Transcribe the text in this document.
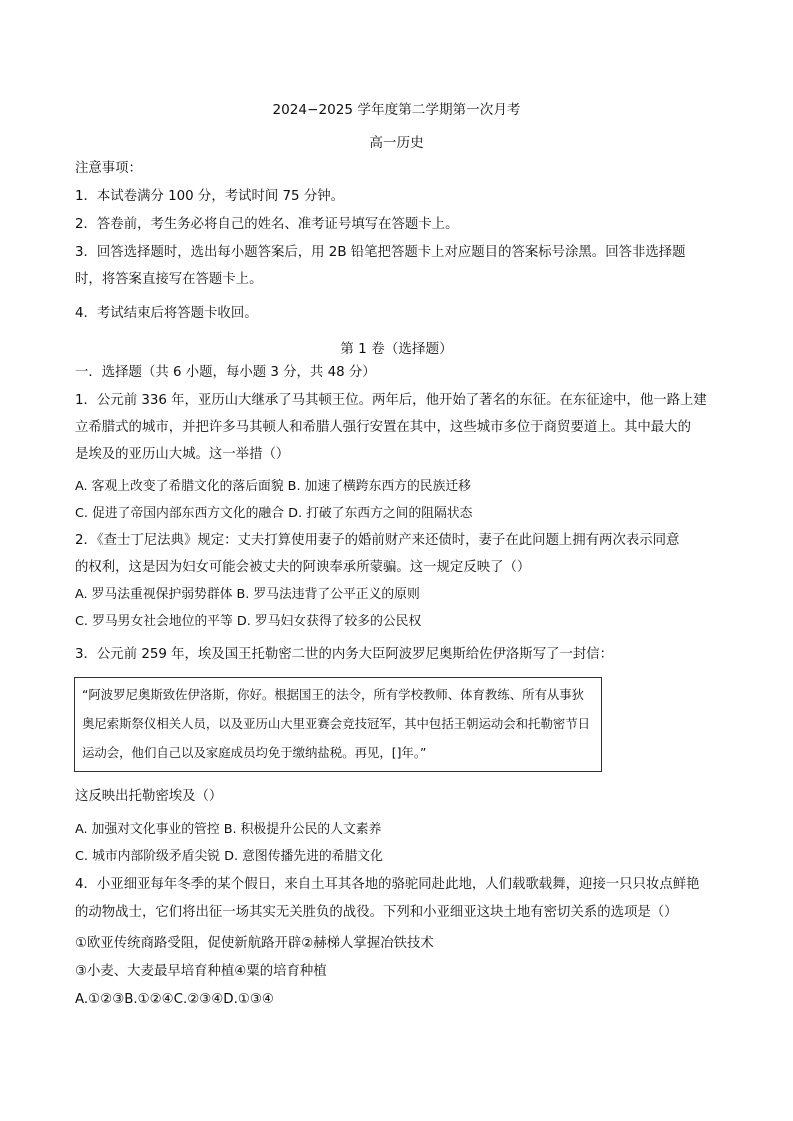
2024−2025 学年度第二学期第一次月考
高一历史
注意事项：
1．本试卷满分 100 分，考试时间 75 分钟。
2．答卷前，考生务必将自己的姓名、准考证号填写在答题卡上。
3．回答选择题时，选出每小题答案后，用 2B 铅笔把答题卡上对应题目的答案标号涂黑。回答非选择题
时，将答案直接写在答题卡上。
4．考试结束后将答题卡收回。
第 1 卷（选择题）
一．选择题（共 6 小题，每小题 3 分，共 48 分）
1．公元前 336 年，亚历山大继承了马其顿王位。两年后，他开始了著名的东征。在东征途中，他一路上建
立希腊式的城市，并把许多马其顿人和希腊人强行安置在其中，这些城市多位于商贸要道上。其中最大的
是埃及的亚历山大城。这一举措（）
A. 客观上改变了希腊文化的落后面貌 B. 加速了横跨东西方的民族迁移
C. 促进了帝国内部东西方文化的融合 D. 打破了东西方之间的阻隔状态
2．《查士丁尼法典》规定：丈夫打算使用妻子的婚前财产来还债时，妻子在此问题上拥有两次表示同意
的权利，这是因为妇女可能会被丈夫的阿谀奉承所蒙骗。这一规定反映了（）
A. 罗马法重视保护弱势群体 B. 罗马法违背了公平正义的原则
C. 罗马男女社会地位的平等 D. 罗马妇女获得了较多的公民权
3．公元前 259 年，埃及国王托勒密二世的内务大臣阿波罗尼奥斯给佐伊洛斯写了一封信：
“阿波罗尼奥斯致佐伊洛斯，你好。根据国王的法令，所有学校教师、体育教练、所有从事狄
奥尼索斯祭仪相关人员，以及亚历山大里亚赛会竞技冠军，其中包括王朝运动会和托勒密节日
运动会，他们自己以及家庭成员均免于缴纳盐税。再见，[]年。”
这反映出托勒密埃及（）
A. 加强对文化事业的管控 B. 积极提升公民的人文素养
C. 城市内部阶级矛盾尖锐 D. 意图传播先进的希腊文化
4．小亚细亚每年冬季的某个假日，来自土耳其各地的骆驼同赴此地，人们载歌载舞，迎接一只只妆点鲜艳
的动物战士，它们将出征一场其实无关胜负的战役。下列和小亚细亚这块土地有密切关系的选项是（）
①欧亚传统商路受阻，促使新航路开辟②赫梯人掌握冶铁技术
③小麦、大麦最早培育种植④粟的培育种植
A.①②③B.①②④C.②③④D.①③④
